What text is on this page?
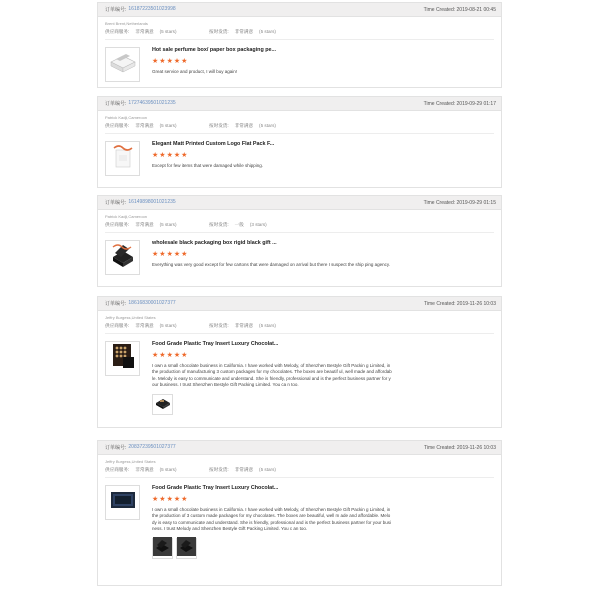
订单编号: 16187223501023998	Time Created: 2019-08-21 00:45
Brent Brent,Netherlands
供应商服务: 非常满意 (5 stars)	按时发货: 非常满意 (5 stars)
Hot sale perfume box/ paper box packaging pe...
★ ★ ★ ★ ★
Great service and product, I will buy again!
订单编号: 17274639501021235	Time Created: 2019-09-29 01:17
Patrick Kadji,Cameroon
供应商服务: 非常满意 (5 stars)	按时发货: 非常满意 (5 stars)
Elegant Matt Printed Custom Logo Flat Pack F...
★ ★ ★ ★ ★
Except for few items that were damaged while shipping.
订单编号: 16149898001021235	Time Created: 2019-09-29 01:15
Patrick Kadji,Cameroon
供应商服务: 非常满意 (5 stars)	按时发货: 一般 (3 stars)
wholesale black packaging box rigid black gift ...
★ ★ ★ ★ ★
Everything was very good except for few cartons that were damaged on arrival but there I suspect the ship ping agency.
订单编号: 18616830001027377	Time Created: 2019-11-26 10:03
Jeffry Burgess,United States
供应商服务: 非常满意 (5 stars)	按时发货: 非常满意 (5 stars)
Food Grade Plastic Tray Insert Luxury Chocolat...
★ ★ ★ ★ ★
I own a small chocolate business in California. I have worked with Melody, of Shenzhen Bestyle Gift Packin g Limited, in the production of manufacturing 3 custom packages for my chocolates. The boxes are beautif ul, well made and affordable. Melody is easy to communicate and understand. She is friendly, professional and is the perfect business partner for your business. I trust Shenzhen Bestyle Gift Packing Limited. You ca n too.
订单编号: 20837239501027377	Time Created: 2019-11-26 10:03
Jeffry Burgess,United States
供应商服务: 非常满意 (5 stars)	按时发货: 非常满意 (5 stars)
Food Grade Plastic Tray Insert Luxury Chocolat...
★ ★ ★ ★ ★
I own a small chocolate business in California. I have worked with Melody, of Shenzhen Bestyle Gift Packin g Limited, in the production of 3 custom made packages for my chocolates. The boxes are beautiful, well m ade and affordable. Melody is easy to communicate and understand. She is friendly, professional and is the perfect business partner for your business. I trust Melody and Shenzhen Bestyle Gift Packing Limited. You c an too.
